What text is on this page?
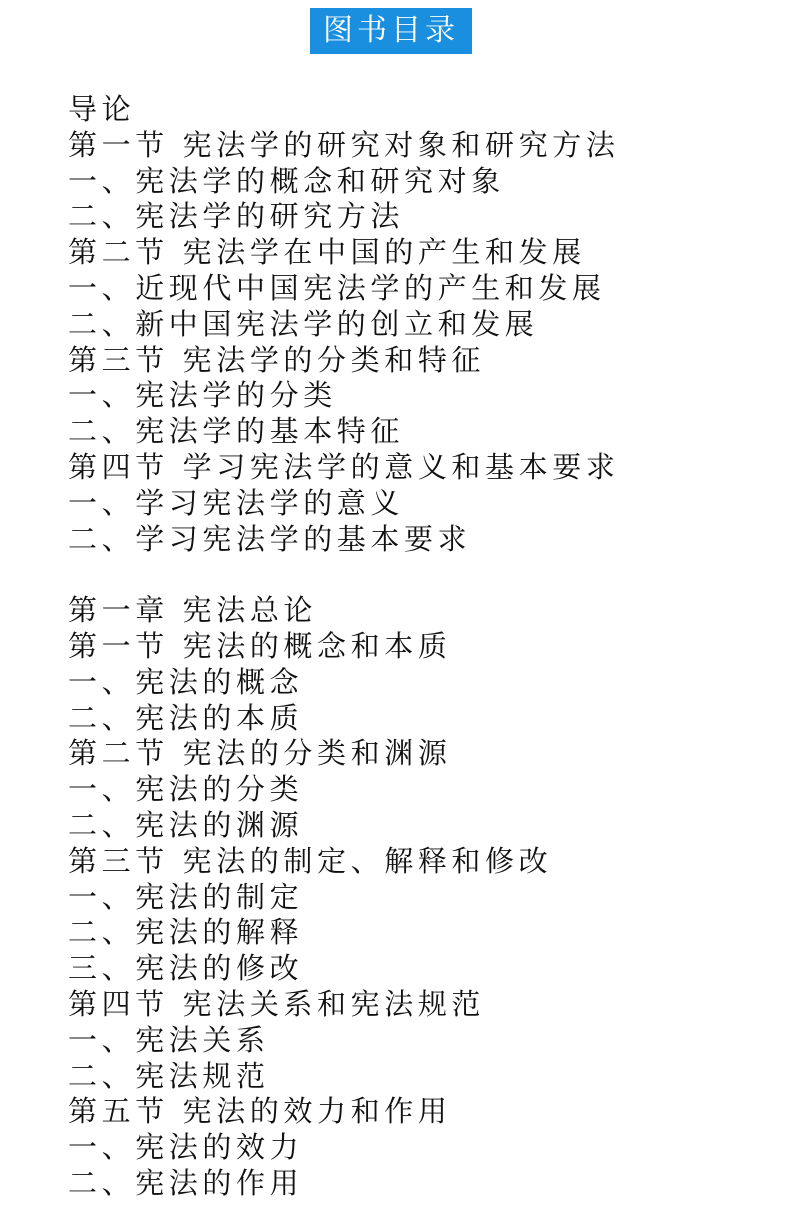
图书目录
导论
第一节 宪法学的研究对象和研究方法
一、宪法学的概念和研究对象
二、宪法学的研究方法
第二节 宪法学在中国的产生和发展
一、近现代中国宪法学的产生和发展
二、新中国宪法学的创立和发展
第三节 宪法学的分类和特征
一、宪法学的分类
二、宪法学的基本特征
第四节 学习宪法学的意义和基本要求
一、学习宪法学的意义
二、学习宪法学的基本要求
第一章 宪法总论
第一节 宪法的概念和本质
一、宪法的概念
二、宪法的本质
第二节 宪法的分类和渊源
一、宪法的分类
二、宪法的渊源
第三节 宪法的制定、解释和修改
一、宪法的制定
二、宪法的解释
三、宪法的修改
第四节 宪法关系和宪法规范
一、宪法关系
二、宪法规范
第五节 宪法的效力和作用
一、宪法的效力
二、宪法的作用
